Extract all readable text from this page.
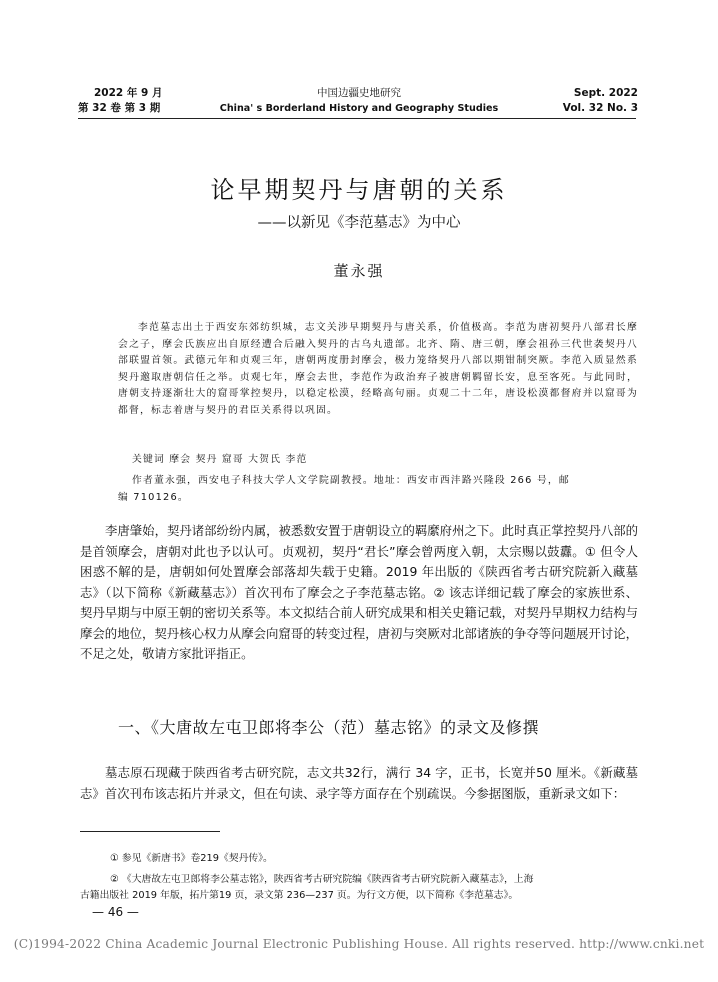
2022 年 9 月
第 32 卷 第 3 期
中国边疆史地研究
China' s Borderland History and Geography Studies
Sept. 2022
Vol. 32 No. 3
论早期契丹与唐朝的关系
——以新见《李范墓志》为中心
董永强
李范墓志出土于西安东郊纺织城，志文关涉早期契丹与唐关系，价值极高。李范为唐初契丹八部君长摩会之子，摩会氏族应出自原经遭合后融入契丹的古乌丸遗部。北齐、隋、唐三朝，摩会祖孙三代世袭契丹八部联盟首领。武德元年和贞观三年，唐朝两度册封摩会，极力笼络契丹八部以期钳制突厥。李范入质显然系契丹邀取唐朝信任之举。贞观七年，摩会去世，李范作为政治弃子被唐朝羁留长安，息至客死。与此同时，唐朝支持逐渐壮大的窟哥掌控契丹，以稳定松漠，经略高句丽。贞观二十二年，唐设松漠都督府并以窟哥为都督，标志着唐与契丹的君臣关系得以巩固。
关键词 摩会 契丹 窟哥 大贺氏 李范
作者董永强，西安电子科技大学人文学院副教授。地址：西安市西沣路兴隆段 266 号，邮
编 710126。

李唐肇始，契丹诸部纷纷内属，被悉数安置于唐朝设立的羁縻府州之下。此时真正掌控契丹八部的是首领摩会，唐朝对此也予以认可。贞观初，契丹“君长”摩会曾两度入朝，太宗赐以鼓纛。① 但令人困惑不解的是，唐朝如何处置摩会部落却失载于史籍。2019 年出版的《陕西省考古研究院新入藏墓志》（以下简称《新藏墓志》）首次刊布了摩会之子李范墓志铭。② 该志详细记载了摩会的家族世系、契丹早期与中原王朝的密切关系等。本文拟结合前人研究成果和相关史籍记载，对契丹早期权力结构与摩会的地位，契丹核心权力从摩会向窟哥的转变过程，唐初与突厥对北部诸族的争夺等问题展开讨论，不足之处，敬请方家批评指正。

一、《大唐故左屯卫郎将李公（范）墓志铭》的录文及修撰

墓志原石现藏于陕西省考古研究院，志文共32行，满行 34 字，正书，长宽并50 厘米。《新藏墓志》首次刊布该志拓片并录文，但在句读、录字等方面存在个别疏误。今参据图版，重新录文如下：

① 参见《新唐书》卷219《契丹传》。
② 《大唐故左屯卫郎将李公墓志铭》，陕西省考古研究院编《陕西省考古研究院新入藏墓志》，上海
古籍出版社 2019 年版，拓片第19 页，录文第 236—237 页。为行文方便，以下简称《李范墓志》。
— 46 —
(C)1994-2022 China Academic Journal Electronic Publishing House. All rights reserved. http://www.cnki.net
